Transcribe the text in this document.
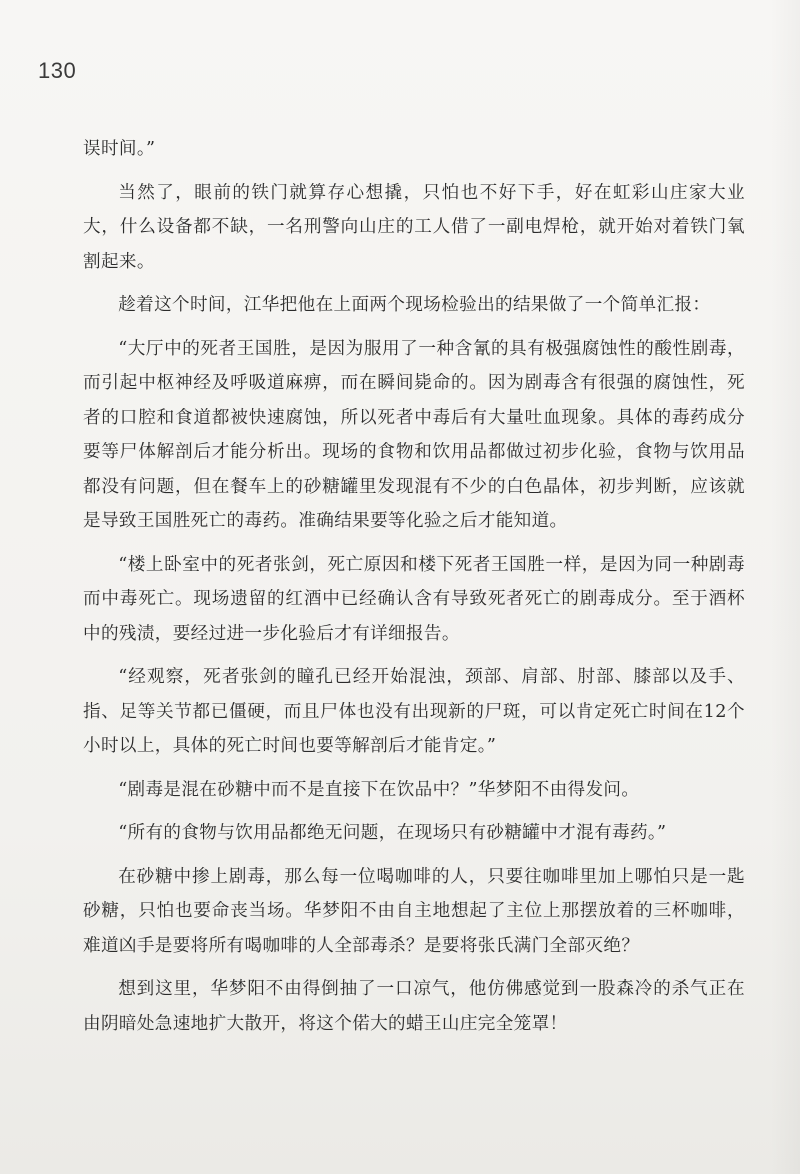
130

误时间。”

当然了，眼前的铁门就算存心想撬，只怕也不好下手，好在虹彩山庄家大业大，什么设备都不缺，一名刑警向山庄的工人借了一副电焊枪，就开始对着铁门氧割起来。

趁着这个时间，江华把他在上面两个现场检验出的结果做了一个简单汇报：

“大厅中的死者王国胜，是因为服用了一种含氰的具有极强腐蚀性的酸性剧毒，而引起中枢神经及呼吸道麻痹，而在瞬间毙命的。因为剧毒含有很强的腐蚀性，死者的口腔和食道都被快速腐蚀，所以死者中毒后有大量吐血现象。具体的毒药成分要等尸体解剖后才能分析出。现场的食物和饮用品都做过初步化验，食物与饮用品都没有问题，但在餐车上的砂糖罐里发现混有不少的白色晶体，初步判断，应该就是导致王国胜死亡的毒药。准确结果要等化验之后才能知道。

“楼上卧室中的死者张剑，死亡原因和楼下死者王国胜一样，是因为同一种剧毒而中毒死亡。现场遗留的红酒中已经确认含有导致死者死亡的剧毒成分。至于酒杯中的残渍，要经过进一步化验后才有详细报告。

“经观察，死者张剑的瞳孔已经开始混浊，颈部、肩部、肘部、膝部以及手、指、足等关节都已僵硬，而且尸体也没有出现新的尸斑，可以肯定死亡时间在12个小时以上，具体的死亡时间也要等解剖后才能肯定。”

“剧毒是混在砂糖中而不是直接下在饮品中？”华梦阳不由得发问。

“所有的食物与饮用品都绝无问题，在现场只有砂糖罐中才混有毒药。”

在砂糖中掺上剧毒，那么每一位喝咖啡的人，只要往咖啡里加上哪怕只是一匙砂糖，只怕也要命丧当场。华梦阳不由自主地想起了主位上那摆放着的三杯咖啡，难道凶手是要将所有喝咖啡的人全部毒杀？是要将张氏满门全部灭绝？

想到这里，华梦阳不由得倒抽了一口凉气，他仿佛感觉到一股森冷的杀气正在由阴暗处急速地扩大散开，将这个偌大的蜡王山庄完全笼罩！
